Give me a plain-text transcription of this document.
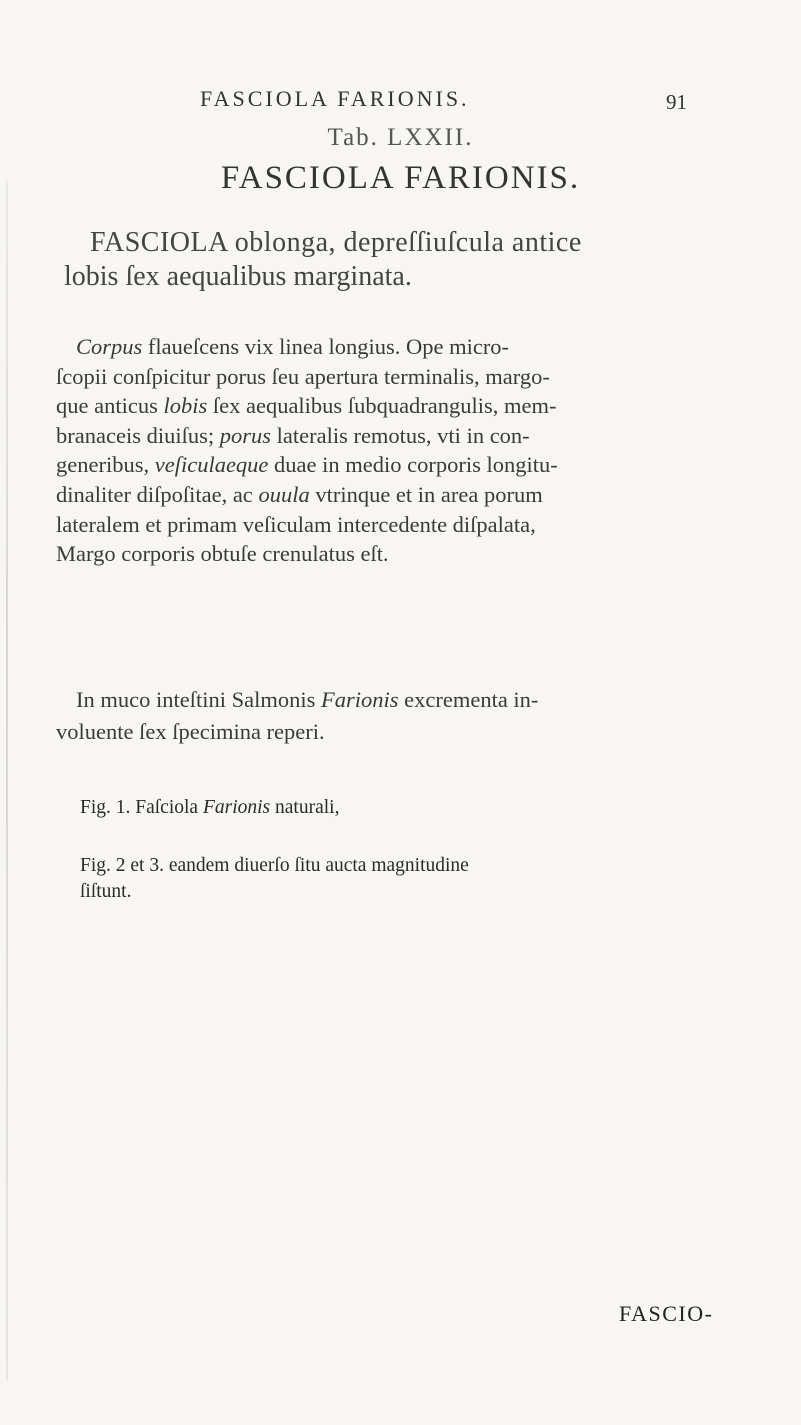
FASCIOLA FARIONIS.	91
Tab. LXXII.
FASCIOLA FARIONIS.
FASCIOLA oblonga, depreſſiuſcula antice
lobis ſex aequalibus marginata.
Corpus flaueſcens vix linea longius. Ope micro-
ſcopii conſpicitur porus ſeu apertura terminalis, margo-
que anticus lobis ſex aequalibus ſubquadrangulis, mem-
branaceis diuiſus; porus lateralis remotus, vti in con-
generibus, veſiculaeque duae in medio corporis longitu-
dinaliter diſpoſitae, ac ouula vtrinque et in area porum
lateralem et primam veſiculam intercedente diſpalata,
Margo corporis obtuſe crenulatus eſt.
In muco inteſtini Salmonis Farionis excrementa in-
voluente ſex ſpecimina reperi.
Fig. 1. Faſciola Farionis naturali,
Fig. 2 et 3. eandem diuerſo ſitu aucta magnitudine
ſiſtunt.
FASCIO-
